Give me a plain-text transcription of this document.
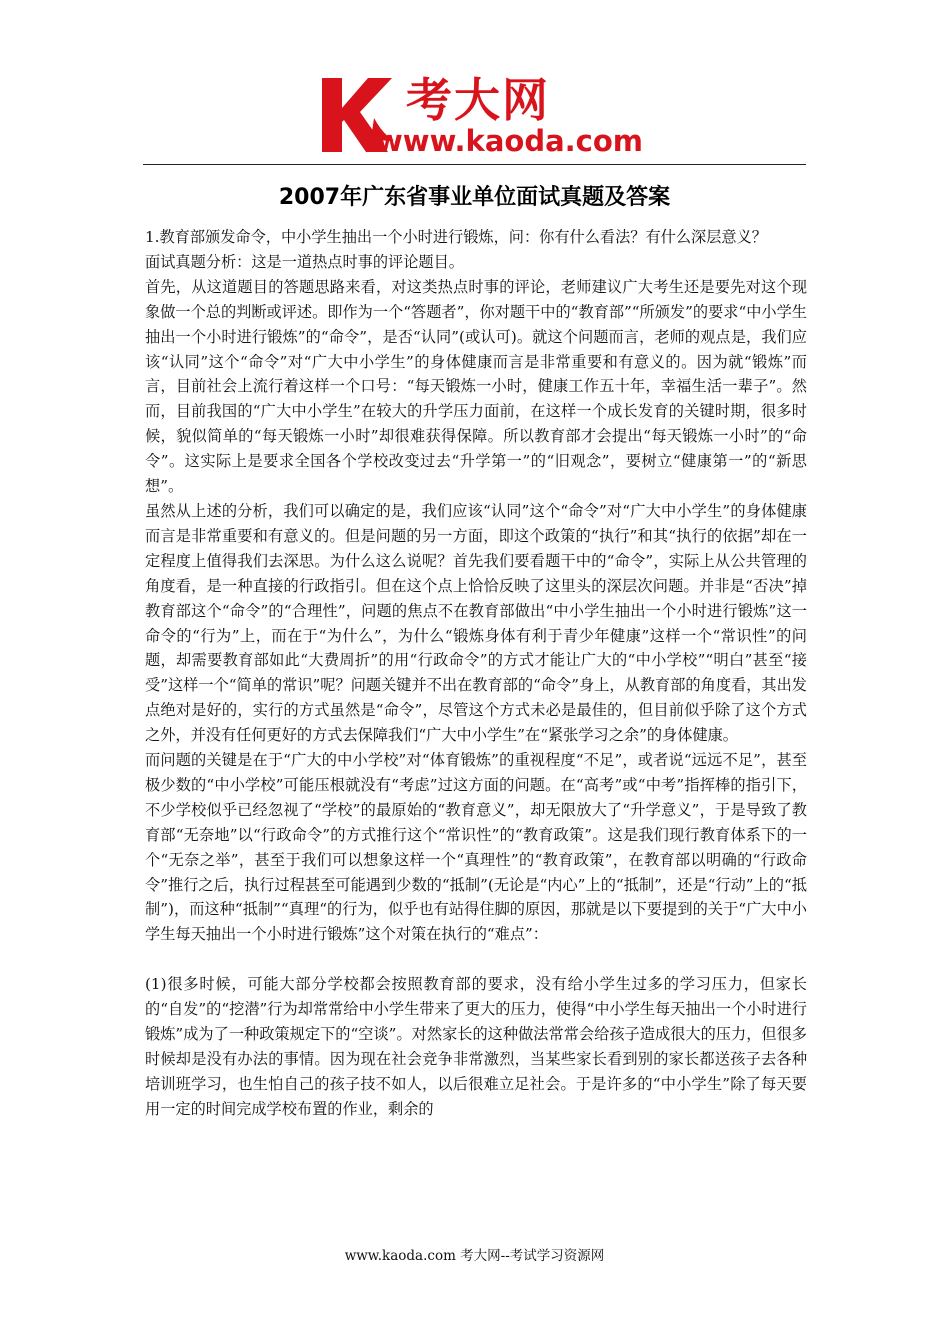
考大网
www.kaoda.com
2007年广东省事业单位面试真题及答案

1.教育部颁发命令，中小学生抽出一个小时进行锻炼，问：你有什么看法？有什么深层意义？

面试真题分析：这是一道热点时事的评论题目。

首先，从这道题目的答题思路来看，对这类热点时事的评论，老师建议广大考生还是要先对这个现象做一个总的判断或评述。即作为一个“答题者”，你对题干中的“教育部”“所颁发”的要求“中小学生抽出一个小时进行锻炼”的“命令”，是否“认同”(或认可)。就这个问题而言，老师的观点是，我们应该“认同”这个“命令”对“广大中小学生”的身体健康而言是非常重要和有意义的。因为就“锻炼”而言，目前社会上流行着这样一个口号：“每天锻炼一小时，健康工作五十年，幸福生活一辈子”。然而，目前我国的“广大中小学生”在较大的升学压力面前，在这样一个成长发育的关键时期，很多时候，貌似简单的“每天锻炼一小时”却很难获得保障。所以教育部才会提出“每天锻炼一小时”的“命令”。这实际上是要求全国各个学校改变过去“升学第一”的“旧观念”，要树立“健康第一”的“新思想”。

虽然从上述的分析，我们可以确定的是，我们应该“认同”这个“命令”对“广大中小学生”的身体健康而言是非常重要和有意义的。但是问题的另一方面，即这个政策的“执行”和其“执行的依据”却在一定程度上值得我们去深思。为什么这么说呢？首先我们要看题干中的“命令”，实际上从公共管理的角度看，是一种直接的行政指引。但在这个点上恰恰反映了这里头的深层次问题。并非是“否决”掉教育部这个“命令”的“合理性”，问题的焦点不在教育部做出“中小学生抽出一个小时进行锻炼”这一命令的“行为”上，而在于“为什么”，为什么“锻炼身体有利于青少年健康”这样一个“常识性”的问题，却需要教育部如此“大费周折”的用“行政命令”的方式才能让广大的“中小学校”“明白”甚至“接受”这样一个“简单的常识”呢？问题关键并不出在教育部的“命令”身上，从教育部的角度看，其出发点绝对是好的，实行的方式虽然是“命令”，尽管这个方式未必是最佳的，但目前似乎除了这个方式之外，并没有任何更好的方式去保障我们“广大中小学生”在“紧张学习之余”的身体健康。

而问题的关键是在于“广大的中小学校”对“体育锻炼”的重视程度“不足”，或者说“远远不足”，甚至极少数的“中小学校”可能压根就没有“考虑”过这方面的问题。在“高考”或“中考”指挥棒的指引下，不少学校似乎已经忽视了“学校”的最原始的“教育意义”，却无限放大了“升学意义”，于是导致了教育部“无奈地”以“行政命令”的方式推行这个“常识性”的“教育政策”。这是我们现行教育体系下的一个“无奈之举”，甚至于我们可以想象这样一个“真理性”的“教育政策”，在教育部以明确的“行政命令”推行之后，执行过程甚至可能遇到少数的“抵制”(无论是“内心”上的“抵制”，还是“行动”上的“抵制”)，而这种“抵制”“真理“的行为，似乎也有站得住脚的原因，那就是以下要提到的关于“广大中小学生每天抽出一个小时进行锻炼”这个对策在执行的“难点”：

(1)很多时候，可能大部分学校都会按照教育部的要求，没有给小学生过多的学习压力，但家长的“自发”的“挖潜”行为却常常给中小学生带来了更大的压力，使得“中小学生每天抽出一个小时进行锻炼”成为了一种政策规定下的“空谈”。对然家长的这种做法常常会给孩子造成很大的压力，但很多时候却是没有办法的事情。因为现在社会竞争非常激烈，当某些家长看到别的家长都送孩子去各种培训班学习，也生怕自己的孩子技不如人，以后很难立足社会。于是许多的“中小学生”除了每天要用一定的时间完成学校布置的作业，剩余的

www.kaoda.com 考大网--考试学习资源网
